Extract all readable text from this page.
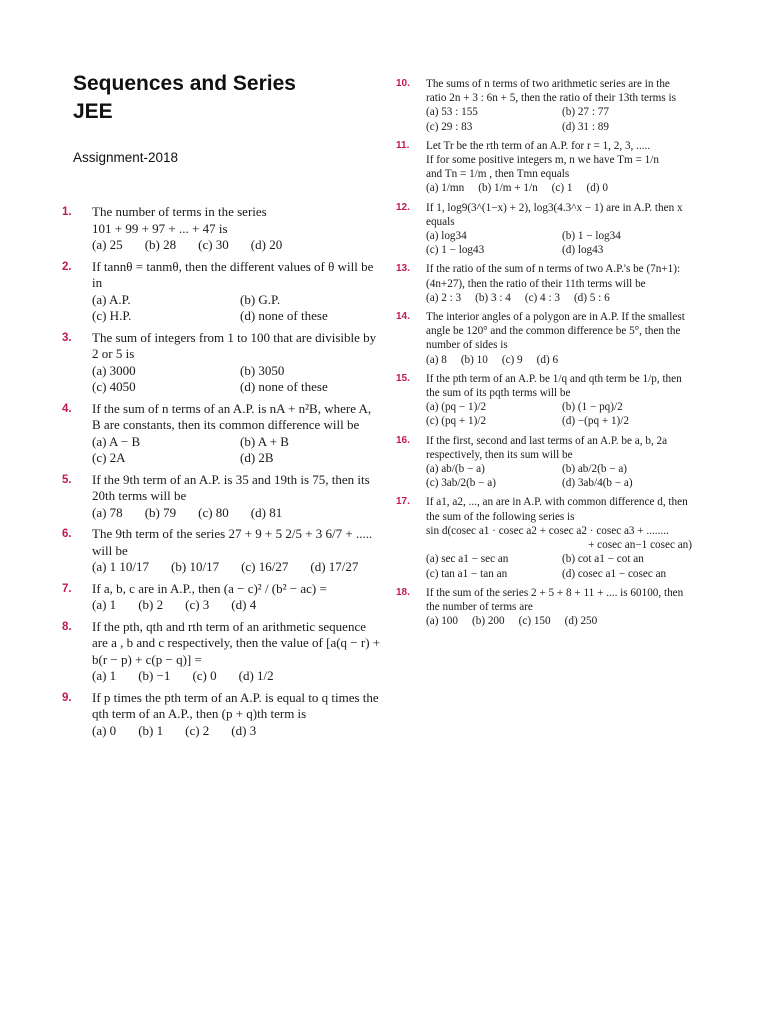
Sequences and Series
JEE
Assignment-2018
1. The number of terms in the series
101 + 99 + 97 + ... + 47 is
(a) 25 (b) 28 (c) 30 (d) 20
2. If tannθ = tanmθ, then the different values of θ will be in
(a) A.P.	(b) G.P.
(c) H.P.	(d) none of these
3. The sum of integers from 1 to 100 that are divisible by 2 or 5 is
(a) 3000	(b) 3050
(c) 4050	(d) none of these
4. If the sum of n terms of an A.P. is nA + n²B, where A, B are constants, then its common difference will be
(a) A − B	(b) A + B
(c) 2A	(d) 2B
5. If the 9th term of an A.P. is 35 and 19th is 75, then its 20th terms will be
(a) 78 (b) 79 (c) 80 (d) 81
6. The 9th term of the series 27 + 9 + 5 2/5 + 3 6/7 + .....
will be
(a) 1 10/17 (b) 10/17 (c) 16/27 (d) 17/27
7. If a, b, c are in A.P., then (a − c)² / (b² − ac) =
(a) 1 (b) 2 (c) 3 (d) 4
8. If the pth, qth and rth term of an arithmetic sequence are a , b and c respectively, then the value of [a(q − r) + b(r − p) + c(p − q)] =
(a) 1 (b) −1 (c) 0 (d) 1/2
9. If p times the pth term of an A.P. is equal to q times the qth term of an A.P., then (p + q)th term is
(a) 0 (b) 1 (c) 2 (d) 3
10. The sums of n terms of two arithmetic series are in the ratio 2n + 3 : 6n + 5, then the ratio of their 13th terms is
(a) 53 : 155	(b) 27 : 77
(c) 29 : 83	(d) 31 : 89
11. Let Tr be the rth term of an A.P. for r = 1, 2, 3, .....
If for some positive integers m, n we have Tm = 1/n
and Tn = 1/m , then Tmn equals
(a) 1/mn (b) 1/m + 1/n (c) 1 (d) 0
12. If 1, log9(3^(1−x) + 2), log3(4.3^x − 1) are in A.P. then x equals
(a) log34	(b) 1 − log34
(c) 1 − log43	(d) log43
13. If the ratio of the sum of n terms of two A.P.'s be (7n+1):(4n+27), then the ratio of their 11th terms will be
(a) 2 : 3 (b) 3 : 4 (c) 4 : 3 (d) 5 : 6
14. The interior angles of a polygon are in A.P. If the smallest angle be 120° and the common difference be 5°, then the number of sides is
(a) 8 (b) 10 (c) 9 (d) 6
15. If the pth term of an A.P. be 1/q and qth term be 1/p, then the sum of its pqth terms will be
(a) (pq − 1)/2	(b) (1 − pq)/2
(c) (pq + 1)/2	(d) −(pq + 1)/2
16. If the first, second and last terms of an A.P. be a, b, 2a respectively, then its sum will be
(a) ab/(b − a)	(b) ab/2(b − a)
(c) 3ab/2(b − a)	(d) 3ab/4(b − a)
17. If a1, a2, ..., an are in A.P. with common difference d, then the sum of the following series is
sin d(cosec a1 · cosec a2 + cosec a2 · cosec a3 + ........
+ cosec an−1 cosec an)
(a) sec a1 − sec an	(b) cot a1 − cot an
(c) tan a1 − tan an	(d) cosec a1 − cosec an
18. If the sum of the series 2 + 5 + 8 + 11 + .... is 60100, then the number of terms are
(a) 100 (b) 200 (c) 150 (d) 250
